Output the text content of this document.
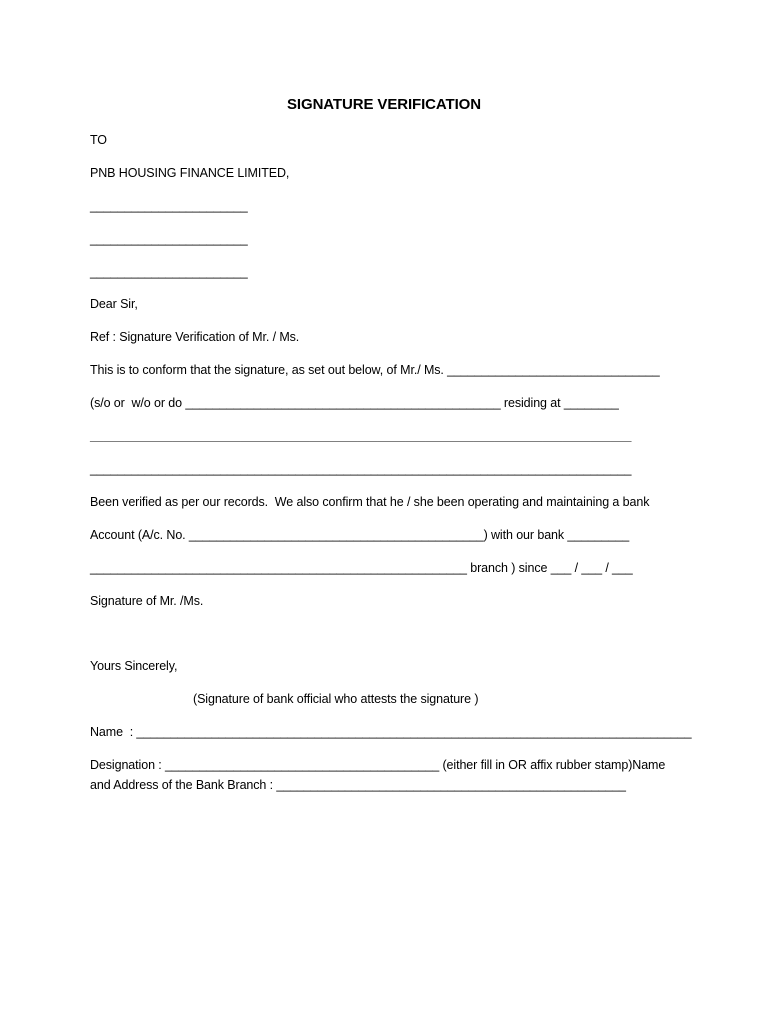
SIGNATURE VERIFICATION
TO
PNB HOUSING FINANCE LIMITED,
_______________________
_______________________
_______________________
Dear Sir,
Ref : Signature Verification of Mr. / Ms.
This is to conform that the signature, as set out below, of Mr./ Ms. _______________________________
(s/o or  w/o or do ______________________________________________ residing at ________
_______________________________________________________________________________
_______________________________________________________________________________
Been verified as per our records.  We also confirm that he / she been operating and maintaining a bank
Account (A/c. No. ___________________________________________) with our bank _________
_______________________________________________________ branch ) since ___ / ___ / ___
Signature of Mr. /Ms.
Yours Sincerely,
(Signature of bank official who attests the signature )
Name  : _________________________________________________________________________________
Designation : ________________________________________ (either fill in OR affix rubber stamp)Name
and Address of the Bank Branch : ___________________________________________________
